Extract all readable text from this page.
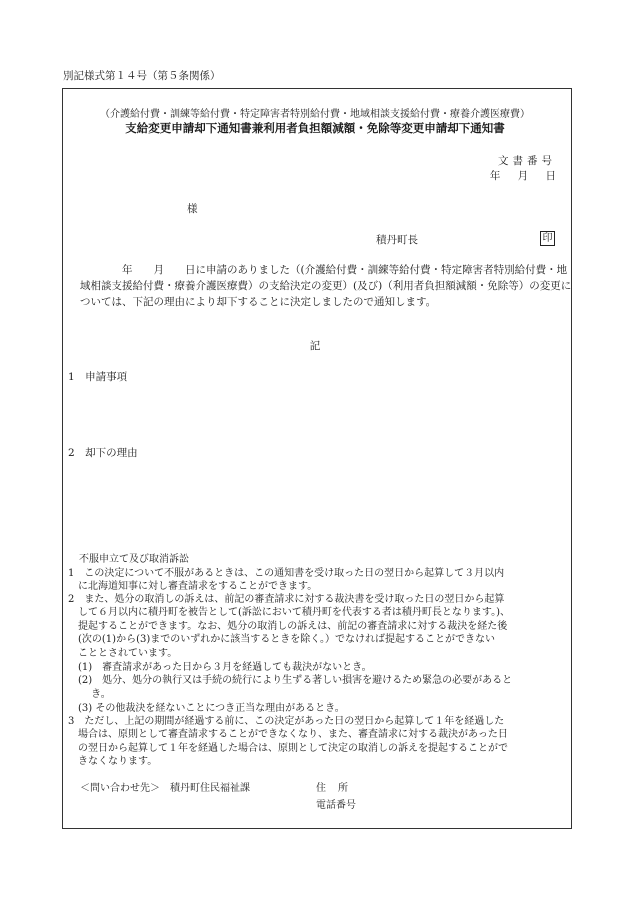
別記様式第１４号（第５条関係）
（介護給付費・訓練等給付費・特定障害者特別給付費・地域相談支援給付費・療養介護医療費）
支給変更申請却下通知書兼利用者負担額減額・免除等変更申請却下通知書
文書番号
年 月 日
様
積丹町長	印
　　　　年　　月　　日に申請のありました（(介護給付費・訓練等給付費・特定障害者特別給付費・地域相談支援給付費・療養介護医療費）の支給決定の変更）(及び)（利用者負担額減額・免除等）の変更については、下記の理由により却下することに決定しましたので通知します。
記
1　申請事項
2　却下の理由
不服申立て及び取消訴訟
1　この決定について不服があるときは、この通知書を受け取った日の翌日から起算して３月以内
　に北海道知事に対し審査請求をすることができます。
2　また、処分の取消しの訴えは、前記の審査請求に対する裁決書を受け取った日の翌日から起算
　して６月以内に積丹町を被告として(訴訟において積丹町を代表する者は積丹町長となります。)、
　提起することができます。なお、処分の取消しの訴えは、前記の審査請求に対する裁決を経た後
　(次の(1)から(3)までのいずれかに該当するときを除く。）でなければ提起することができない
　こととされています。
　(1)　審査請求があった日から３月を経過しても裁決がないとき。
　(2)　処分、処分の執行又は手続の続行により生ずる著しい損害を避けるため緊急の必要があると
　　 き。
　(3) その他裁決を経ないことにつき正当な理由があるとき。
3　ただし、上記の期間が経過する前に、この決定があった日の翌日から起算して１年を経過した
　場合は、原則として審査請求することができなくなり、また、審査請求に対する裁決があった日
　の翌日から起算して１年を経過した場合は、原則として決定の取消しの訴えを提起することがで
　きなくなります。
＜問い合わせ先＞　積丹町住民福祉課	住所
電話番号
